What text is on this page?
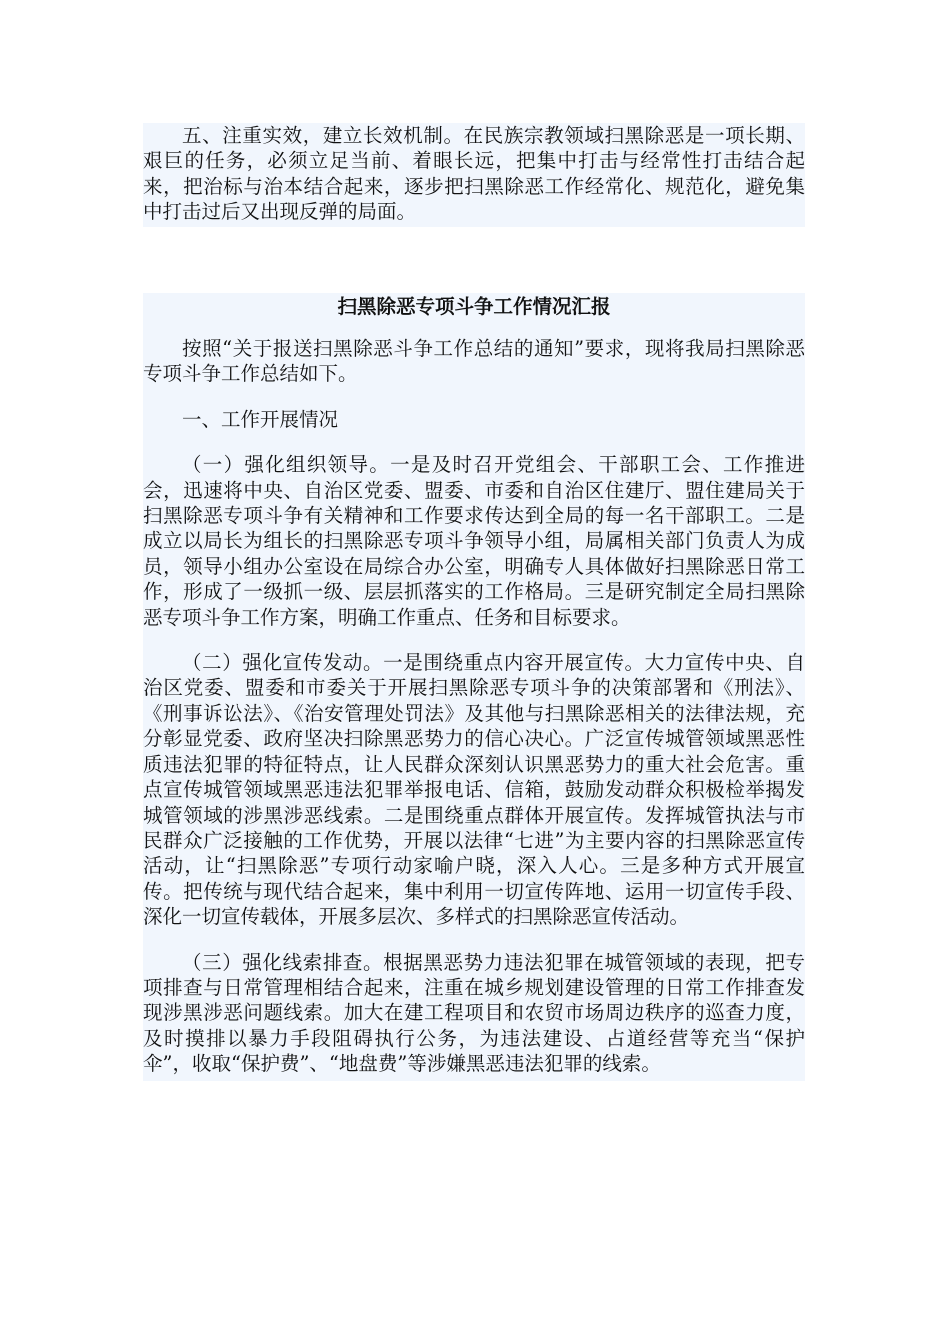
五、注重实效，建立长效机制。在民族宗教领域扫黑除恶是一项长期、艰巨的任务，必须立足当前、着眼长远，把集中打击与经常性打击结合起来，把治标与治本结合起来，逐步把扫黑除恶工作经常化、规范化，避免集中打击过后又出现反弹的局面。

扫黑除恶专项斗争工作情况汇报

按照“关于报送扫黑除恶斗争工作总结的通知”要求，现将我局扫黑除恶专项斗争工作总结如下。

一、工作开展情况

（一）强化组织领导。一是及时召开党组会、干部职工会、工作推进会，迅速将中央、自治区党委、盟委、市委和自治区住建厅、盟住建局关于扫黑除恶专项斗争有关精神和工作要求传达到全局的每一名干部职工。二是成立以局长为组长的扫黑除恶专项斗争领导小组，局属相关部门负责人为成员，领导小组办公室设在局综合办公室，明确专人具体做好扫黑除恶日常工作，形成了一级抓一级、层层抓落实的工作格局。三是研究制定全局扫黑除恶专项斗争工作方案，明确工作重点、任务和目标要求。

（二）强化宣传发动。一是围绕重点内容开展宣传。大力宣传中央、自治区党委、盟委和市委关于开展扫黑除恶专项斗争的决策部署和《刑法》、《刑事诉讼法》、《治安管理处罚法》及其他与扫黑除恶相关的法律法规，充分彰显党委、政府坚决扫除黑恶势力的信心决心。广泛宣传城管领域黑恶性质违法犯罪的特征特点，让人民群众深刻认识黑恶势力的重大社会危害。重点宣传城管领域黑恶违法犯罪举报电话、信箱，鼓励发动群众积极检举揭发城管领域的涉黑涉恶线索。二是围绕重点群体开展宣传。发挥城管执法与市民群众广泛接触的工作优势，开展以法律“七进”为主要内容的扫黑除恶宣传活动，让“扫黑除恶”专项行动家喻户晓，深入人心。三是多种方式开展宣传。把传统与现代结合起来，集中利用一切宣传阵地、运用一切宣传手段、深化一切宣传载体，开展多层次、多样式的扫黑除恶宣传活动。

（三）强化线索排查。根据黑恶势力违法犯罪在城管领域的表现，把专项排查与日常管理相结合起来，注重在城乡规划建设管理的日常工作排查发现涉黑涉恶问题线索。加大在建工程项目和农贸市场周边秩序的巡查力度，及时摸排以暴力手段阻碍执行公务，为违法建设、占道经营等充当“保护伞”，收取“保护费”、“地盘费”等涉嫌黑恶违法犯罪的线索。
